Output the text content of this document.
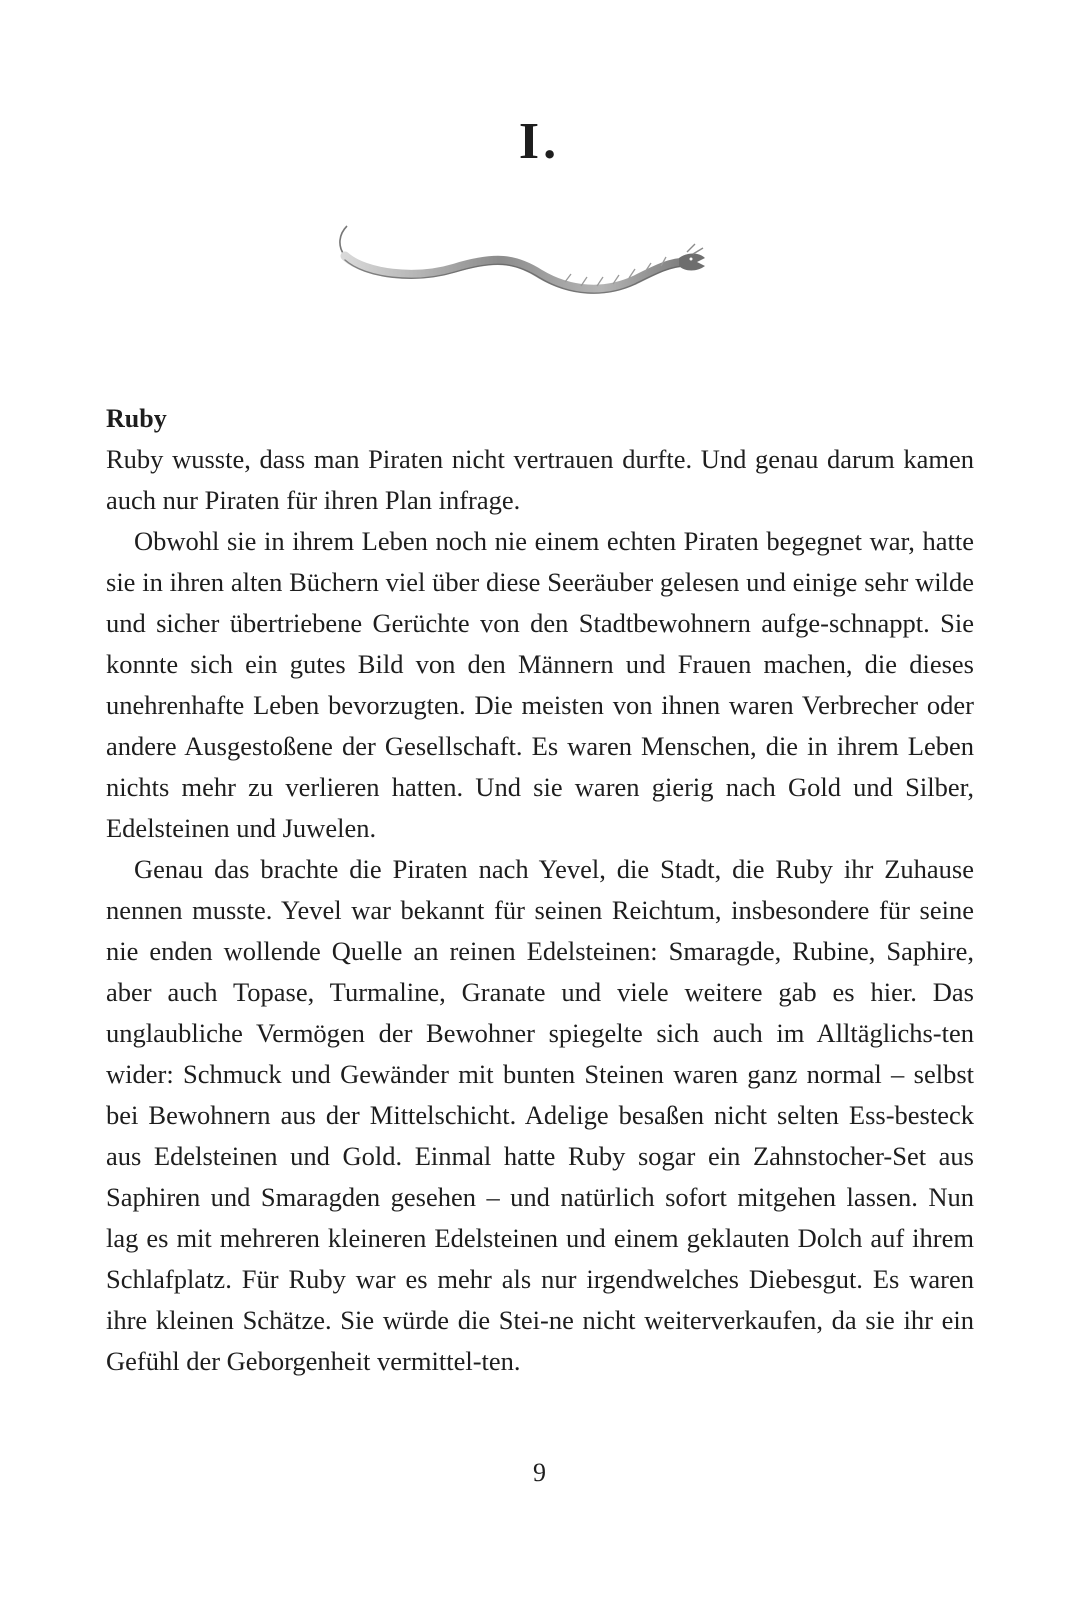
I.
Ruby

Ruby wusste, dass man Piraten nicht vertrauen durfte. Und genau darum kamen auch nur Piraten für ihren Plan infrage.

Obwohl sie in ihrem Leben noch nie einem echten Piraten begegnet war, hatte sie in ihren alten Büchern viel über diese Seeräuber gelesen und einige sehr wilde und sicher übertriebene Gerüchte von den Stadtbewohnern aufge-schnappt. Sie konnte sich ein gutes Bild von den Männern und Frauen machen, die dieses unehrenhafte Leben bevorzugten. Die meisten von ihnen waren Verbrecher oder andere Ausgestoßene der Gesellschaft. Es waren Menschen, die in ihrem Leben nichts mehr zu verlieren hatten. Und sie waren gierig nach Gold und Silber, Edelsteinen und Juwelen.

Genau das brachte die Piraten nach Yevel, die Stadt, die Ruby ihr Zuhause nennen musste. Yevel war bekannt für seinen Reichtum, insbesondere für seine nie enden wollende Quelle an reinen Edelsteinen: Smaragde, Rubine, Saphire, aber auch Topase, Turmaline, Granate und viele weitere gab es hier. Das unglaubliche Vermögen der Bewohner spiegelte sich auch im Alltäglichs-ten wider: Schmuck und Gewänder mit bunten Steinen waren ganz normal – selbst bei Bewohnern aus der Mittelschicht. Adelige besaßen nicht selten Ess-besteck aus Edelsteinen und Gold. Einmal hatte Ruby sogar ein Zahnstocher-Set aus Saphiren und Smaragden gesehen – und natürlich sofort mitgehen lassen. Nun lag es mit mehreren kleineren Edelsteinen und einem geklauten Dolch auf ihrem Schlafplatz. Für Ruby war es mehr als nur irgendwelches Diebesgut. Es waren ihre kleinen Schätze. Sie würde die Stei-ne nicht weiterverkaufen, da sie ihr ein Gefühl der Geborgenheit vermittel-ten.

9
